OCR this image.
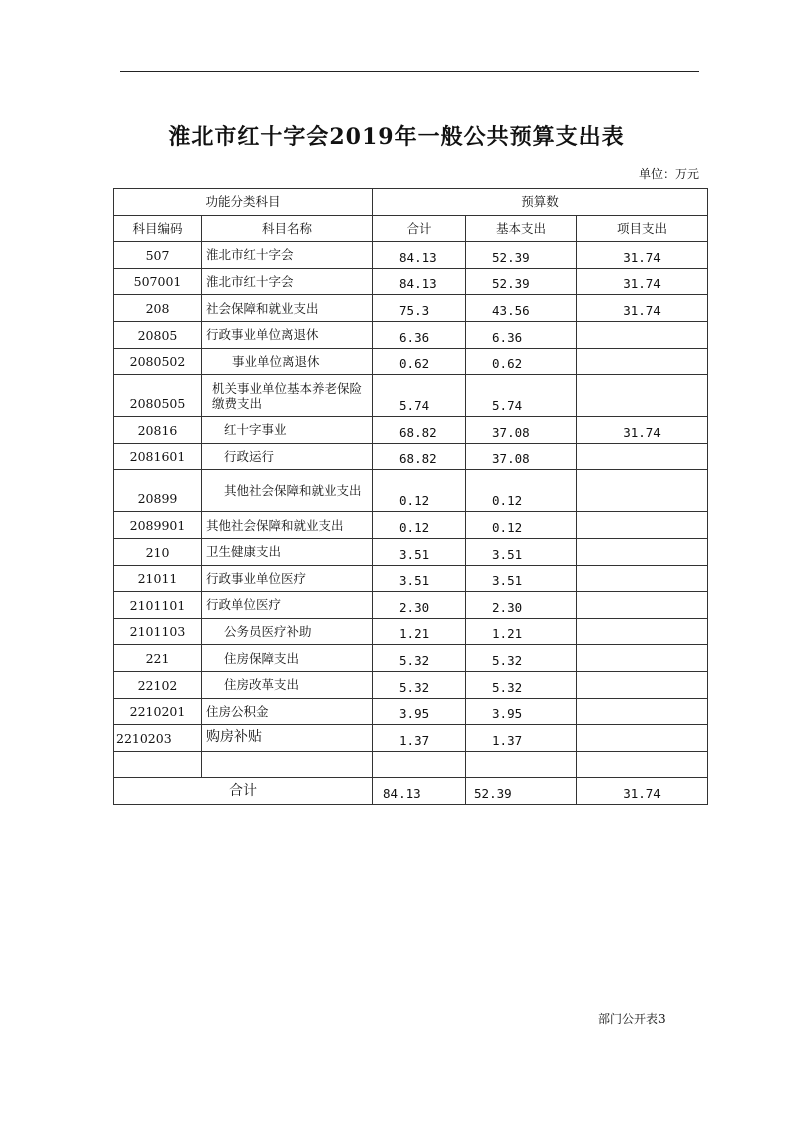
淮北市红十字会2019年一般公共预算支出表
单位：万元
功能分类科目		预算数		
科目编码	科目名称	合计	基本支出	项目支出
507	淮北市红十字会	84.13	52.39	31.74
507001	淮北市红十字会	84.13	52.39	31.74
208	社会保障和就业支出	75.3	43.56	31.74
20805	行政事业单位离退休	6.36	6.36	
2080502	事业单位离退休	0.62	0.62	
2080505	机关事业单位基本养老保险缴费支出	5.74	5.74	
20816	红十字事业	68.82	37.08	31.74
2081601	行政运行	68.82	37.08	
20899	其他社会保障和就业支出	0.12	0.12	
2089901	其他社会保障和就业支出	0.12	0.12	
210	卫生健康支出	3.51	3.51	
21011	行政事业单位医疗	3.51	3.51	
2101101	行政单位医疗	2.30	2.30	
2101103	公务员医疗补助	1.21	1.21	
221	住房保障支出	5.32	5.32	
22102	住房改革支出	5.32	5.32	
2210201	住房公积金	3.95	3.95	
2210203	购房补贴	1.37	1.37	

合计		84.13	52.39	31.74
部门公开表3
